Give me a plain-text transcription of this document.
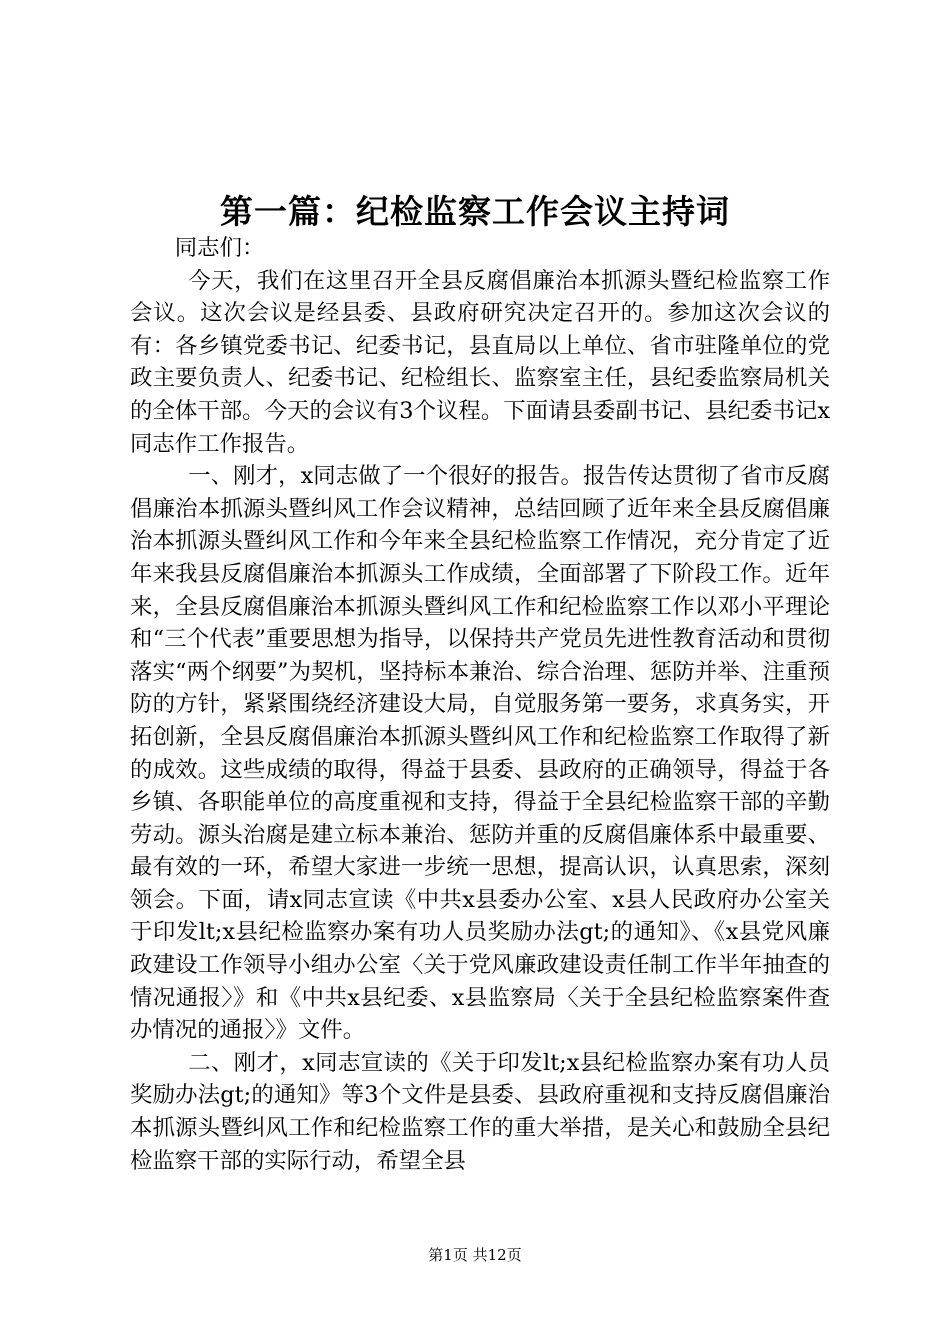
第一篇：纪检监察工作会议主持词

同志们：

今天，我们在这里召开全县反腐倡廉治本抓源头暨纪检监察工作会议。这次会议是经县委、县政府研究决定召开的。参加这次会议的有：各乡镇党委书记、纪委书记，县直局以上单位、省市驻隆单位的党政主要负责人、纪委书记、纪检组长、监察室主任，县纪委监察局机关的全体干部。今天的会议有3个议程。下面请县委副书记、县纪委书记x同志作工作报告。

一、刚才，x同志做了一个很好的报告。报告传达贯彻了省市反腐倡廉治本抓源头暨纠风工作会议精神，总结回顾了近年来全县反腐倡廉治本抓源头暨纠风工作和今年来全县纪检监察工作情况，充分肯定了近年来我县反腐倡廉治本抓源头工作成绩，全面部署了下阶段工作。近年来，全县反腐倡廉治本抓源头暨纠风工作和纪检监察工作以邓小平理论和“三个代表”重要思想为指导，以保持共产党员先进性教育活动和贯彻落实“两个纲要”为契机，坚持标本兼治、综合治理、惩防并举、注重预防的方针，紧紧围绕经济建设大局，自觉服务第一要务，求真务实，开拓创新，全县反腐倡廉治本抓源头暨纠风工作和纪检监察工作取得了新的成效。这些成绩的取得，得益于县委、县政府的正确领导，得益于各乡镇、各职能单位的高度重视和支持，得益于全县纪检监察干部的辛勤劳动。源头治腐是建立标本兼治、惩防并重的反腐倡廉体系中最重要、最有效的一环，希望大家进一步统一思想，提高认识，认真思索，深刻领会。下面，请x同志宣读《中共x县委办公室、x县人民政府办公室关于印发lt;x县纪检监察办案有功人员奖励办法gt;的通知》、《x县党风廉政建设工作领导小组办公室〈关于党风廉政建设责任制工作半年抽查的情况通报〉》和《中共x县纪委、x县监察局〈关于全县纪检监察案件查办情况的通报〉》文件。

二、刚才，x同志宣读的《关于印发lt;x县纪检监察办案有功人员奖励办法gt;的通知》等3个文件是县委、县政府重视和支持反腐倡廉治本抓源头暨纠风工作和纪检监察工作的重大举措，是关心和鼓励全县纪检监察干部的实际行动，希望全县

第1页 共12页
